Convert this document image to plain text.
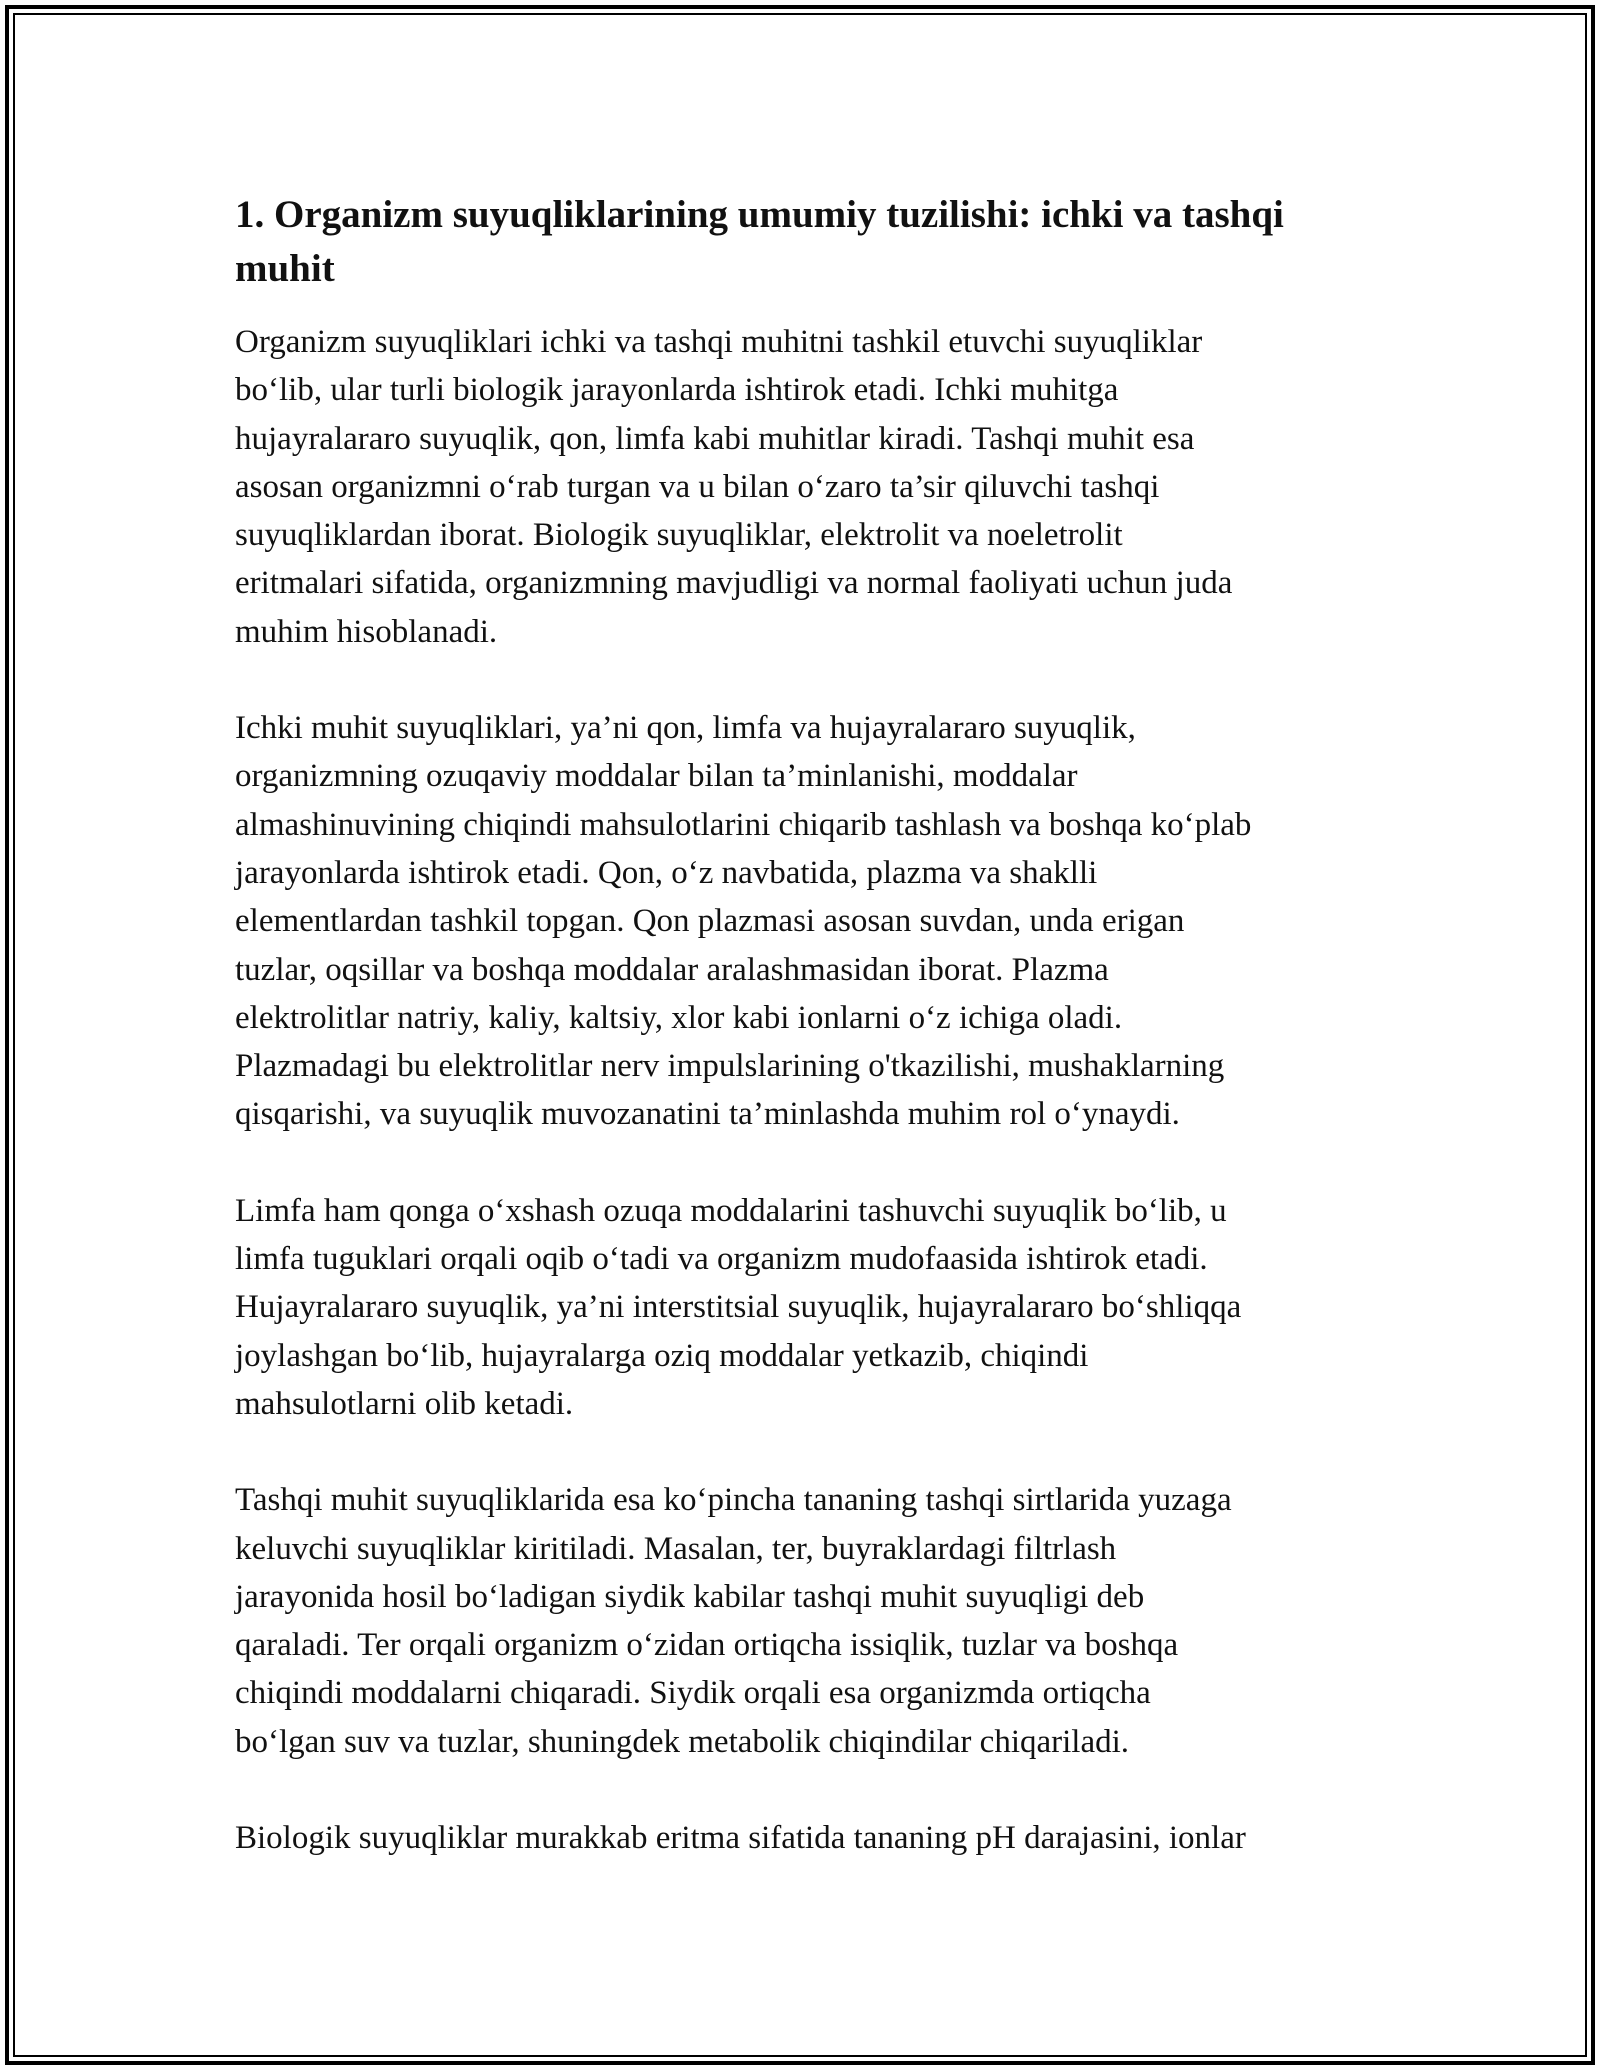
1. Organizm suyuqliklarining umumiy tuzilishi: ichki va tashqi muhit

Organizm suyuqliklari ichki va tashqi muhitni tashkil etuvchi suyuqliklar
bo‘lib, ular turli biologik jarayonlarda ishtirok etadi. Ichki muhitga
hujayralararo suyuqlik, qon, limfa kabi muhitlar kiradi. Tashqi muhit esa
asosan organizmni o‘rab turgan va u bilan o‘zaro ta’sir qiluvchi tashqi
suyuqliklardan iborat. Biologik suyuqliklar, elektrolit va noeletrolit
eritmalari sifatida, organizmning mavjudligi va normal faoliyati uchun juda
muhim hisoblanadi.

Ichki muhit suyuqliklari, ya’ni qon, limfa va hujayralararo suyuqlik,
organizmning ozuqaviy moddalar bilan ta’minlanishi, moddalar
almashinuvining chiqindi mahsulotlarini chiqarib tashlash va boshqa ko‘plab
jarayonlarda ishtirok etadi. Qon, o‘z navbatida, plazma va shaklli
elementlardan tashkil topgan. Qon plazmasi asosan suvdan, unda erigan
tuzlar, oqsillar va boshqa moddalar aralashmasidan iborat. Plazma
elektrolitlar natriy, kaliy, kaltsiy, xlor kabi ionlarni o‘z ichiga oladi.
Plazmadagi bu elektrolitlar nerv impulslarining o'tkazilishi, mushaklarning
qisqarishi, va suyuqlik muvozanatini ta’minlashda muhim rol o‘ynaydi.

Limfa ham qonga o‘xshash ozuqa moddalarini tashuvchi suyuqlik bo‘lib, u
limfa tuguklari orqali oqib o‘tadi va organizm mudofaasida ishtirok etadi.
Hujayralararo suyuqlik, ya’ni interstitsial suyuqlik, hujayralararo bo‘shliqqa
joylashgan bo‘lib, hujayralarga oziq moddalar yetkazib, chiqindi
mahsulotlarni olib ketadi.

Tashqi muhit suyuqliklarida esa ko‘pincha tananing tashqi sirtlarida yuzaga
keluvchi suyuqliklar kiritiladi. Masalan, ter, buyraklardagi filtrlash
jarayonida hosil bo‘ladigan siydik kabilar tashqi muhit suyuqligi deb
qaraladi. Ter orqali organizm o‘zidan ortiqcha issiqlik, tuzlar va boshqa
chiqindi moddalarni chiqaradi. Siydik orqali esa organizmda ortiqcha
bo‘lgan suv va tuzlar, shuningdek metabolik chiqindilar chiqariladi.

Biologik suyuqliklar murakkab eritma sifatida tananing pH darajasini, ionlar
